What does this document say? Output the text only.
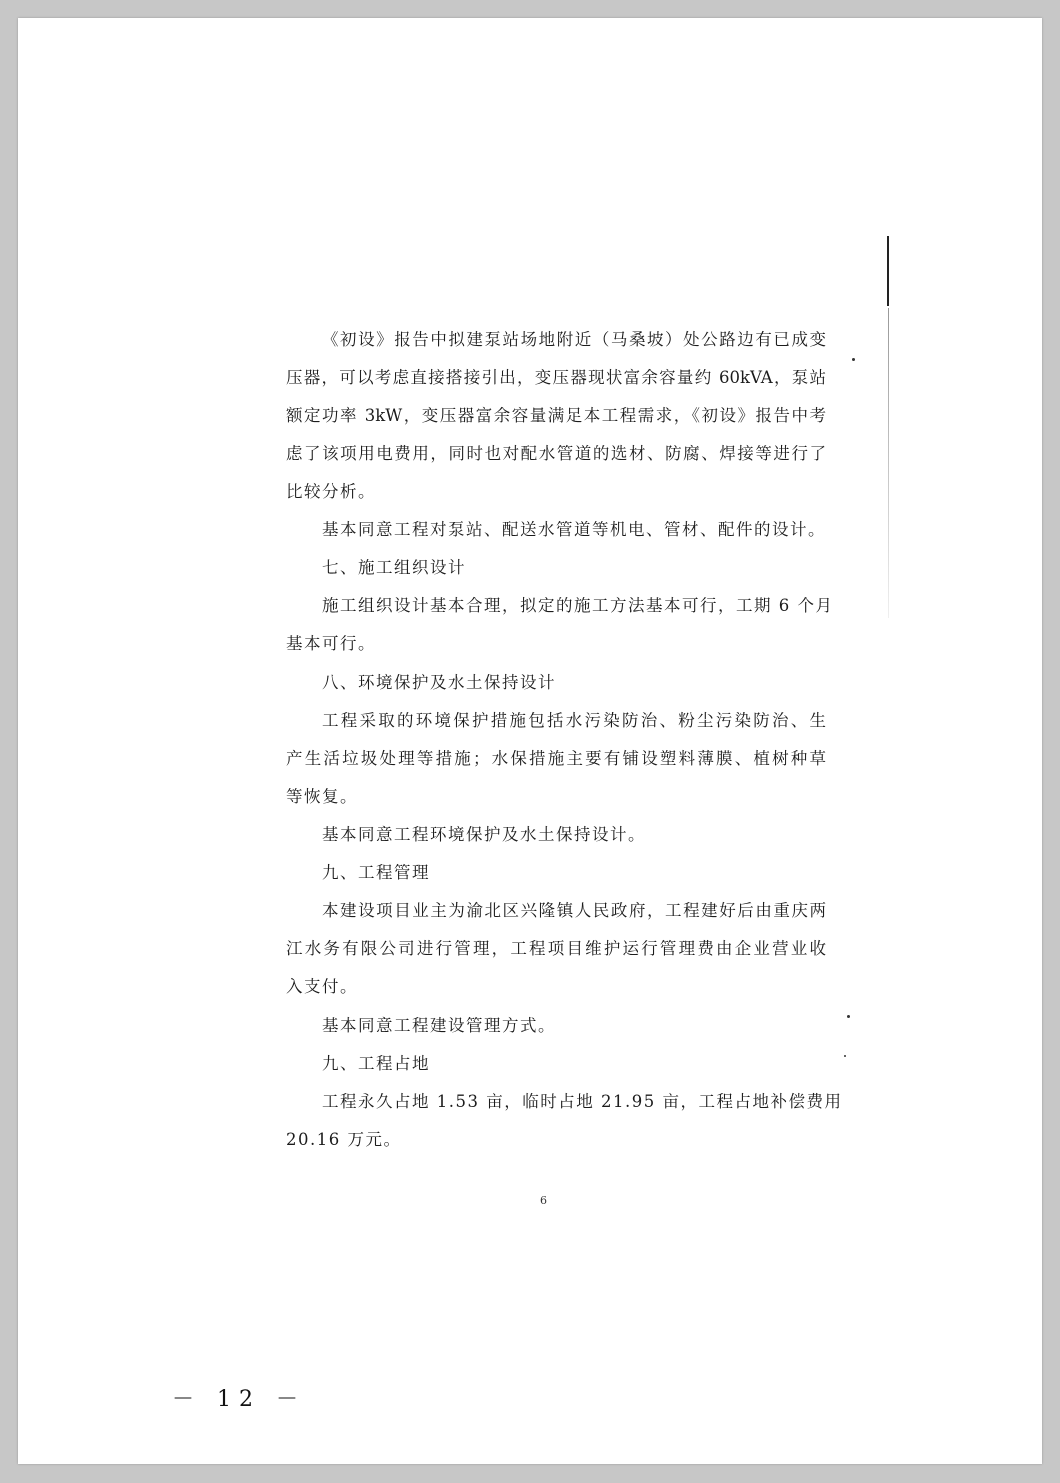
《初设》报告中拟建泵站场地附近（马桑坡）处公路边有已成变
压器，可以考虑直接搭接引出，变压器现状富余容量约 60kVA，泵站
额定功率 3kW，变压器富余容量满足本工程需求，《初设》报告中考
虑了该项用电费用，同时也对配水管道的选材、防腐、焊接等进行了
比较分析。
基本同意工程对泵站、配送水管道等机电、管材、配件的设计。
七、施工组织设计
施工组织设计基本合理，拟定的施工方法基本可行，工期 6 个月
基本可行。
八、环境保护及水土保持设计
工程采取的环境保护措施包括水污染防治、粉尘污染防治、生
产生活垃圾处理等措施；水保措施主要有铺设塑料薄膜、植树种草
等恢复。
基本同意工程环境保护及水土保持设计。
九、工程管理
本建设项目业主为渝北区兴隆镇人民政府，工程建好后由重庆两
江水务有限公司进行管理，工程项目维护运行管理费由企业营业收
入支付。
基本同意工程建设管理方式。
九、工程占地
工程永久占地 1.53 亩，临时占地 21.95 亩，工程占地补偿费用
20.16 万元。
6
－ 12 －
